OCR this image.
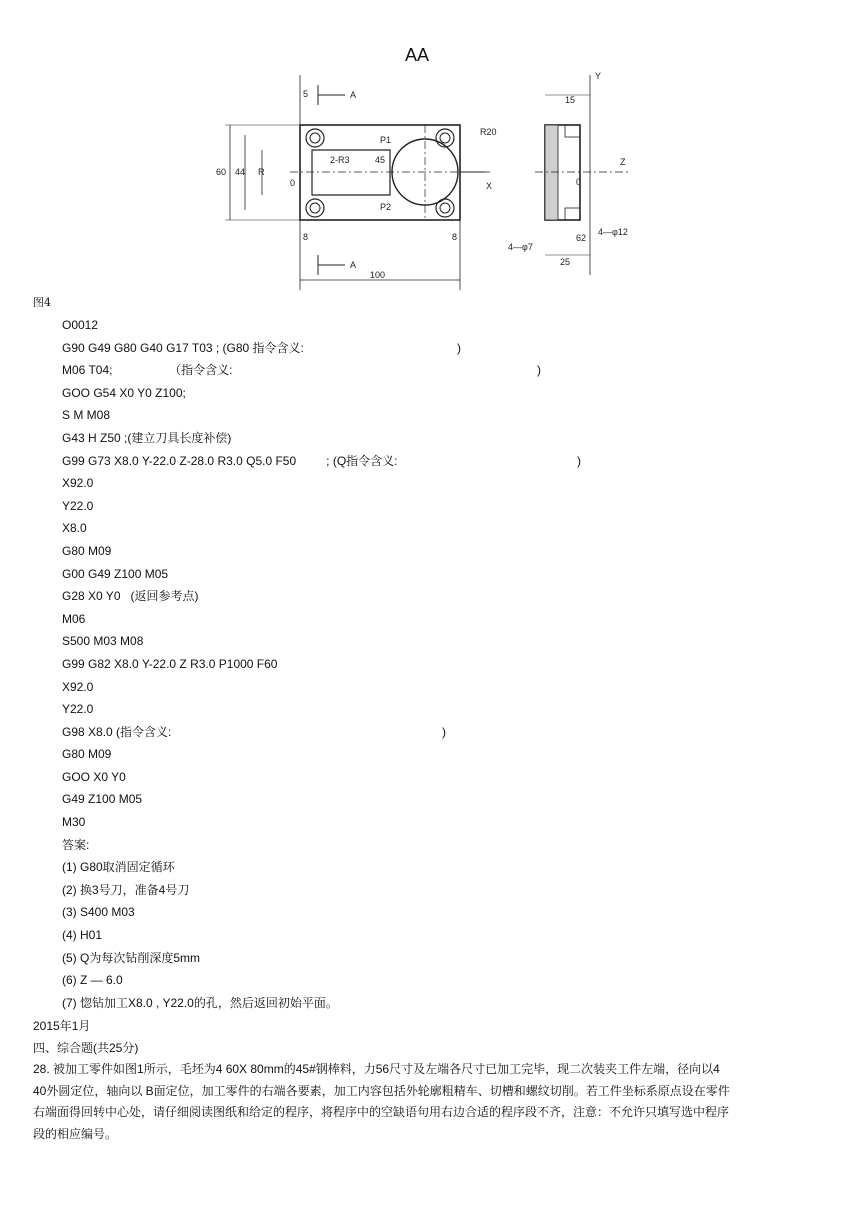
AA
5	A
A
P1
P2
R20
2-R3	45
60 44 R
0	X
8	8
100
Y
15
Z
0
25
62
4—φ7
4—φ12
图4
O0012
G90 G49 G80 G40 G17 T03 ; (G80 指令含义:	)
M06 T04;                 （指令含义:	)
GOO G54 X0 Y0 Z100;
S M M08
G43 H Z50 ;(建立刀具长度补偿)
G99 G73 X8.0 Y-22.0 Z-28.0 R3.0 Q5.0 F50         ; (Q指令含义:	)
X92.0
Y22.0
X8.0
G80 M09
G00 G49 Z100 M05
G28 X0 Y0   (返回参考点)
M06
S500 M03 M08
G99 G82 X8.0 Y-22.0 Z R3.0 P1000 F60
X92.0
Y22.0
G98 X8.0 (指令含义:	)
G80 M09
GOO X0 Y0
G49 Z100 M05
M30
答案:
(1) G80取消固定循环
(2) 换3号刀，准备4号刀
(3) S400 M03
(4) H01
(5) Q为每次钻削深度5mm
(6) Z — 6.0
(7) 惚钻加工X8.0 , Y22.0的孔，然后返回初始平面。
2015年1月
四、综合题(共25分)
28. 被加工零件如图1所示，毛坯为4 60X 80mm的45#钢棒料，力56尺寸及左端各尺寸已加工完毕，现二次装夹工件左端，径向以4 40外圆定位，轴向以 B面定位，加工零件的右端各要素，加工内容包括外轮廓粗精车、切槽和螺纹切削。若工件坐标系原点设在零件右端面得回转中心处，请仔细阅读图纸和给定的程序，将程序中的空缺语句用右边合适的程序段不齐，注意：不允许只填写选中程序段的相应编号。
